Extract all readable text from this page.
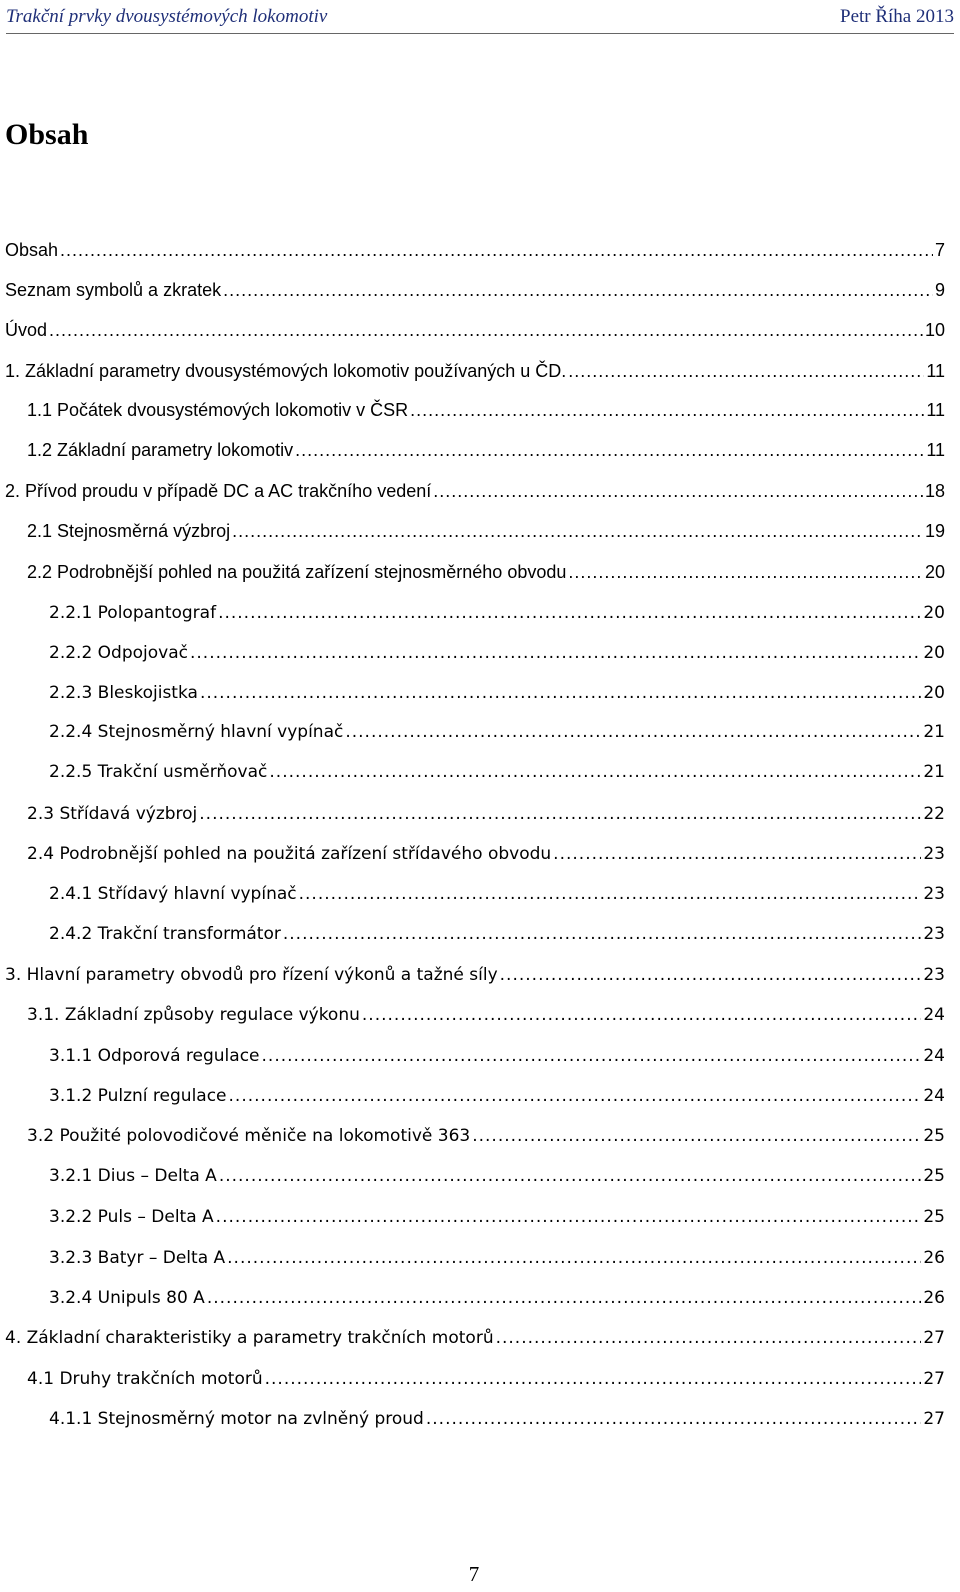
Trakční prvky dvousystémových lokomotiv	Petr Říha 2013
Obsah
Obsah .....	7
Seznam symbolů a zkratek .....	9
Úvod .....	10
1. Základní parametry dvousystémových lokomotiv používaných u ČD. .....	11
1.1 Počátek dvousystémových lokomotiv v ČSR .....	11
1.2 Základní parametry lokomotiv .....	11
2. Přívod proudu v případě DC a AC trakčního vedení .....	18
2.1 Stejnosměrná výzbroj .....	19
2.2 Podrobnější pohled na použitá zařízení stejnosměrného obvodu .....	20
2.2.1 Polopantograf .....	20
2.2.2 Odpojovač .....	20
2.2.3 Bleskojistka .....	20
2.2.4 Stejnosměrný hlavní vypínač .....	21
2.2.5 Trakční usměrňovač .....	21
2.3 Střídavá výzbroj .....	22
2.4 Podrobnější pohled na použitá zařízení střídavého obvodu .....	23
2.4.1 Střídavý hlavní vypínač .....	23
2.4.2 Trakční transformátor .....	23
3. Hlavní parametry obvodů pro řízení výkonů a tažné síly .....	23
3.1. Základní způsoby regulace výkonu .....	24
3.1.1 Odporová regulace .....	24
3.1.2 Pulzní regulace .....	24
3.2 Použité polovodičové měniče na lokomotivě 363 .....	25
3.2.1 Dius – Delta A .....	25
3.2.2 Puls – Delta A .....	25
3.2.3 Batyr – Delta A .....	26
3.2.4 Unipuls 80 A .....	26
4. Základní charakteristiky a parametry trakčních motorů .....	27
4.1 Druhy trakčních motorů .....	27
4.1.1 Stejnosměrný motor na zvlněný proud .....	27
7
